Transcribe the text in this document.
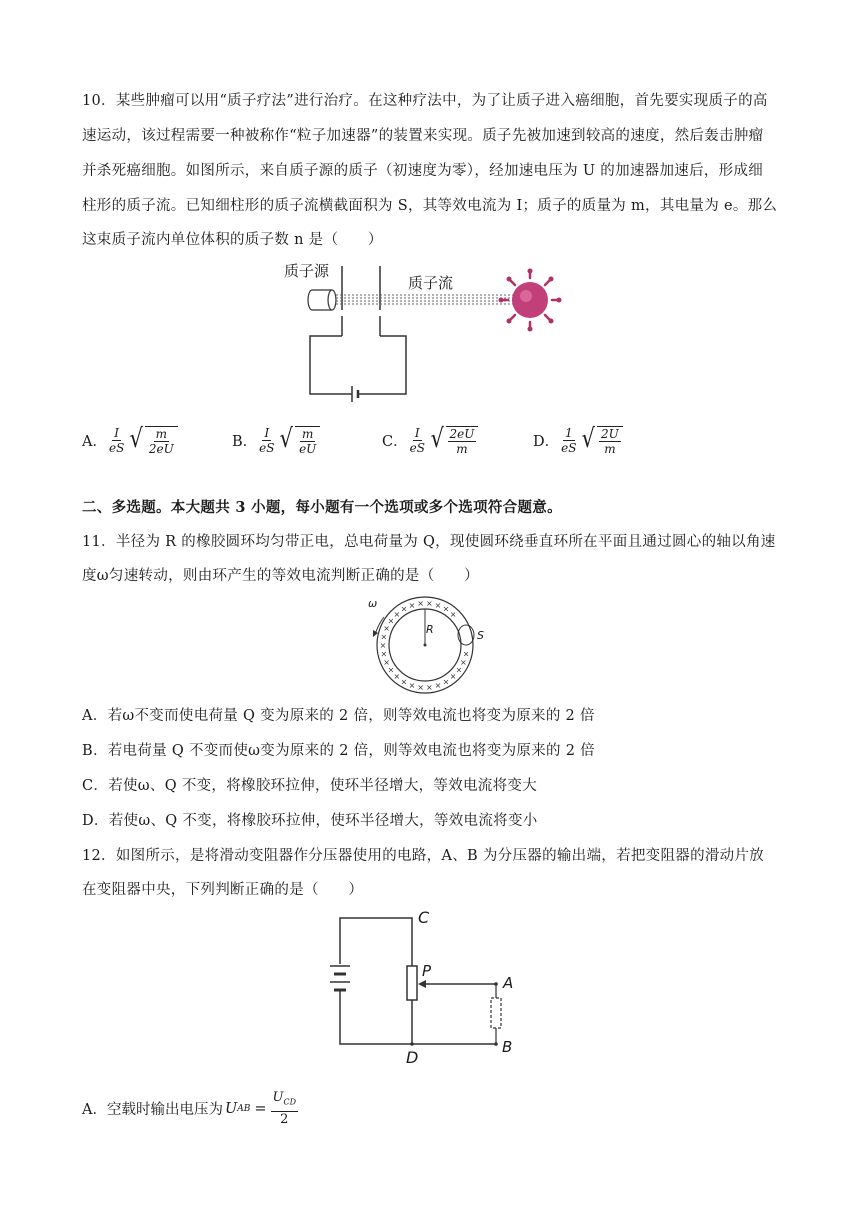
10．某些肿瘤可以用“质子疗法”进行治疗。在这种疗法中，为了让质子进入癌细胞，首先要实现质子的高
速运动，该过程需要一种被称作“粒子加速器”的装置来实现。质子先被加速到较高的速度，然后轰击肿瘤
并杀死癌细胞。如图所示，来自质子源的质子（初速度为零），经加速电压为 U 的加速器加速后，形成细
柱形的质子流。已知细柱形的质子流横截面积为 S，其等效电流为 I；质子的质量为 m，其电量为 e。那么
这束质子流内单位体积的质子数 n 是（　　）
质子源
质子流
A． $\frac{I}{eS}$ √ $\frac{m}{2eU}$	B． $\frac{I}{eS}$ √ $\frac{m}{eU}$	C． $\frac{I}{eS}$ √ $\frac{2eU}{m}$	D． $\frac{1}{eS}$ √ $\frac{2U}{m}$
二、多选题。本大题共 3 小题，每小题有一个选项或多个选项符合题意。
11．半径为 R 的橡胶圆环均匀带正电，总电荷量为 Q，现使圆环绕垂直环所在平面且通过圆心的轴以角速
度ω匀速转动，则由环产生的等效电流判断正确的是（　　）
×
×
×
×
×
×
×
×
×
×
×
×
×
×
×
×
×
×
×
× × × × × ×
×
ω
R	S
A．若ω不变而使电荷量 Q 变为原来的 2 倍，则等效电流也将变为原来的 2 倍
B．若电荷量 Q 不变而使ω变为原来的 2 倍，则等效电流也将变为原来的 2 倍
C．若使ω、Q 不变，将橡胶环拉伸，使环半径增大，等效电流将变大
D．若使ω、Q 不变，将橡胶环拉伸，使环半径增大，等效电流将变小
12．如图所示，是将滑动变阻器作分压器使用的电路，A、B 为分压器的输出端，若把变阻器的滑动片放
在变阻器中央，下列判断正确的是（　　）
C
P
A
B
D
A．空载时输出电压为 U AB = $\frac{U_{CD}}{2}$
